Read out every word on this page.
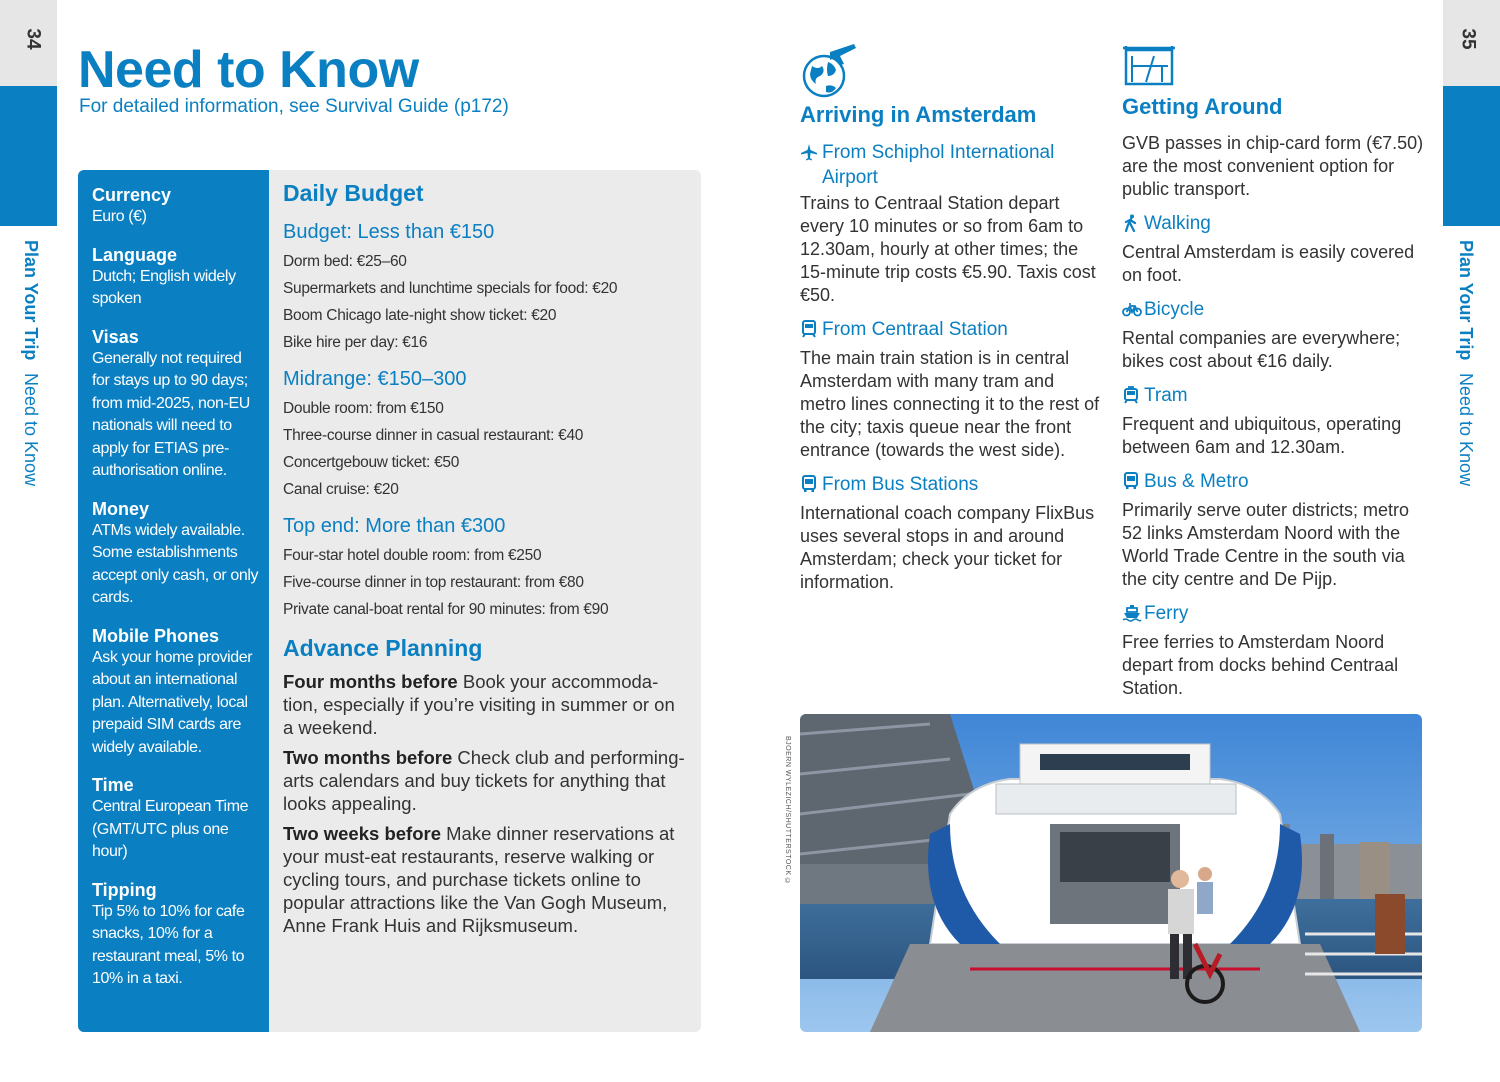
34
Plan Your Trip Need to Know
35
Plan Your Trip Need to Know
Need to Know
For detailed information, see Survival Guide (p172)
Currency
Euro (€)
Language
Dutch; English widely spoken
Visas
Generally not required for stays up to 90 days; from mid-2025, non-EU nationals will need to apply for ETIAS pre-authorisation online.
Money
ATMs widely available. Some establishments accept only cash, or only cards.
Mobile Phones
Ask your home provider about an international plan. Alternatively, local prepaid SIM cards are widely available.
Time
Central European Time (GMT/UTC plus one hour)
Tipping
Tip 5% to 10% for cafe snacks, 10% for a restaurant meal, 5% to 10% in a taxi.
Daily Budget
Budget: Less than €150
Dorm bed: €25–60
Supermarkets and lunchtime specials for food: €20
Boom Chicago late-night show ticket: €20
Bike hire per day: €16
Midrange: €150–300
Double room: from €150
Three-course dinner in casual restaurant: €40
Concertgebouw ticket: €50
Canal cruise: €20
Top end: More than €300
Four-star hotel double room: from €250
Five-course dinner in top restaurant: from €80
Private canal-boat rental for 90 minutes: from €90
Advance Planning
Four months before Book your accommodation, especially if you’re visiting in summer or on a weekend.
Two months before Check club and performing-arts calendars and buy tickets for anything that looks appealing.
Two weeks before Make dinner reservations at your must-eat restaurants, reserve walking or cycling tours, and purchase tickets online to popular attractions like the Van Gogh Museum, Anne Frank Huis and Rijksmuseum.
Arriving in Amsterdam
From Schiphol International Airport
Trains to Centraal Station depart every 10 minutes or so from 6am to 12.30am, hourly at other times; the 15-minute trip costs €5.90. Taxis cost €50.
From Centraal Station
The main train station is in central Amsterdam with many tram and metro lines connecting it to the rest of the city; taxis queue near the front entrance (towards the west side).
From Bus Stations
International coach company FlixBus uses several stops in and around Amsterdam; check your ticket for information.
Getting Around
GVB passes in chip-card form (€7.50) are the most convenient option for public transport.
Walking
Central Amsterdam is easily covered on foot.
Bicycle
Rental companies are everywhere; bikes cost about €16 daily.
Tram
Frequent and ubiquitous, operating between 6am and 12.30am.
Bus & Metro
Primarily serve outer districts; metro 52 links Amsterdam Noord with the World Trade Centre in the south via the city centre and De Pijp.
Ferry
Free ferries to Amsterdam Noord depart from docks behind Centraal Station.
BJOERN WYLEZICH/SHUTTERSTOCK ©
